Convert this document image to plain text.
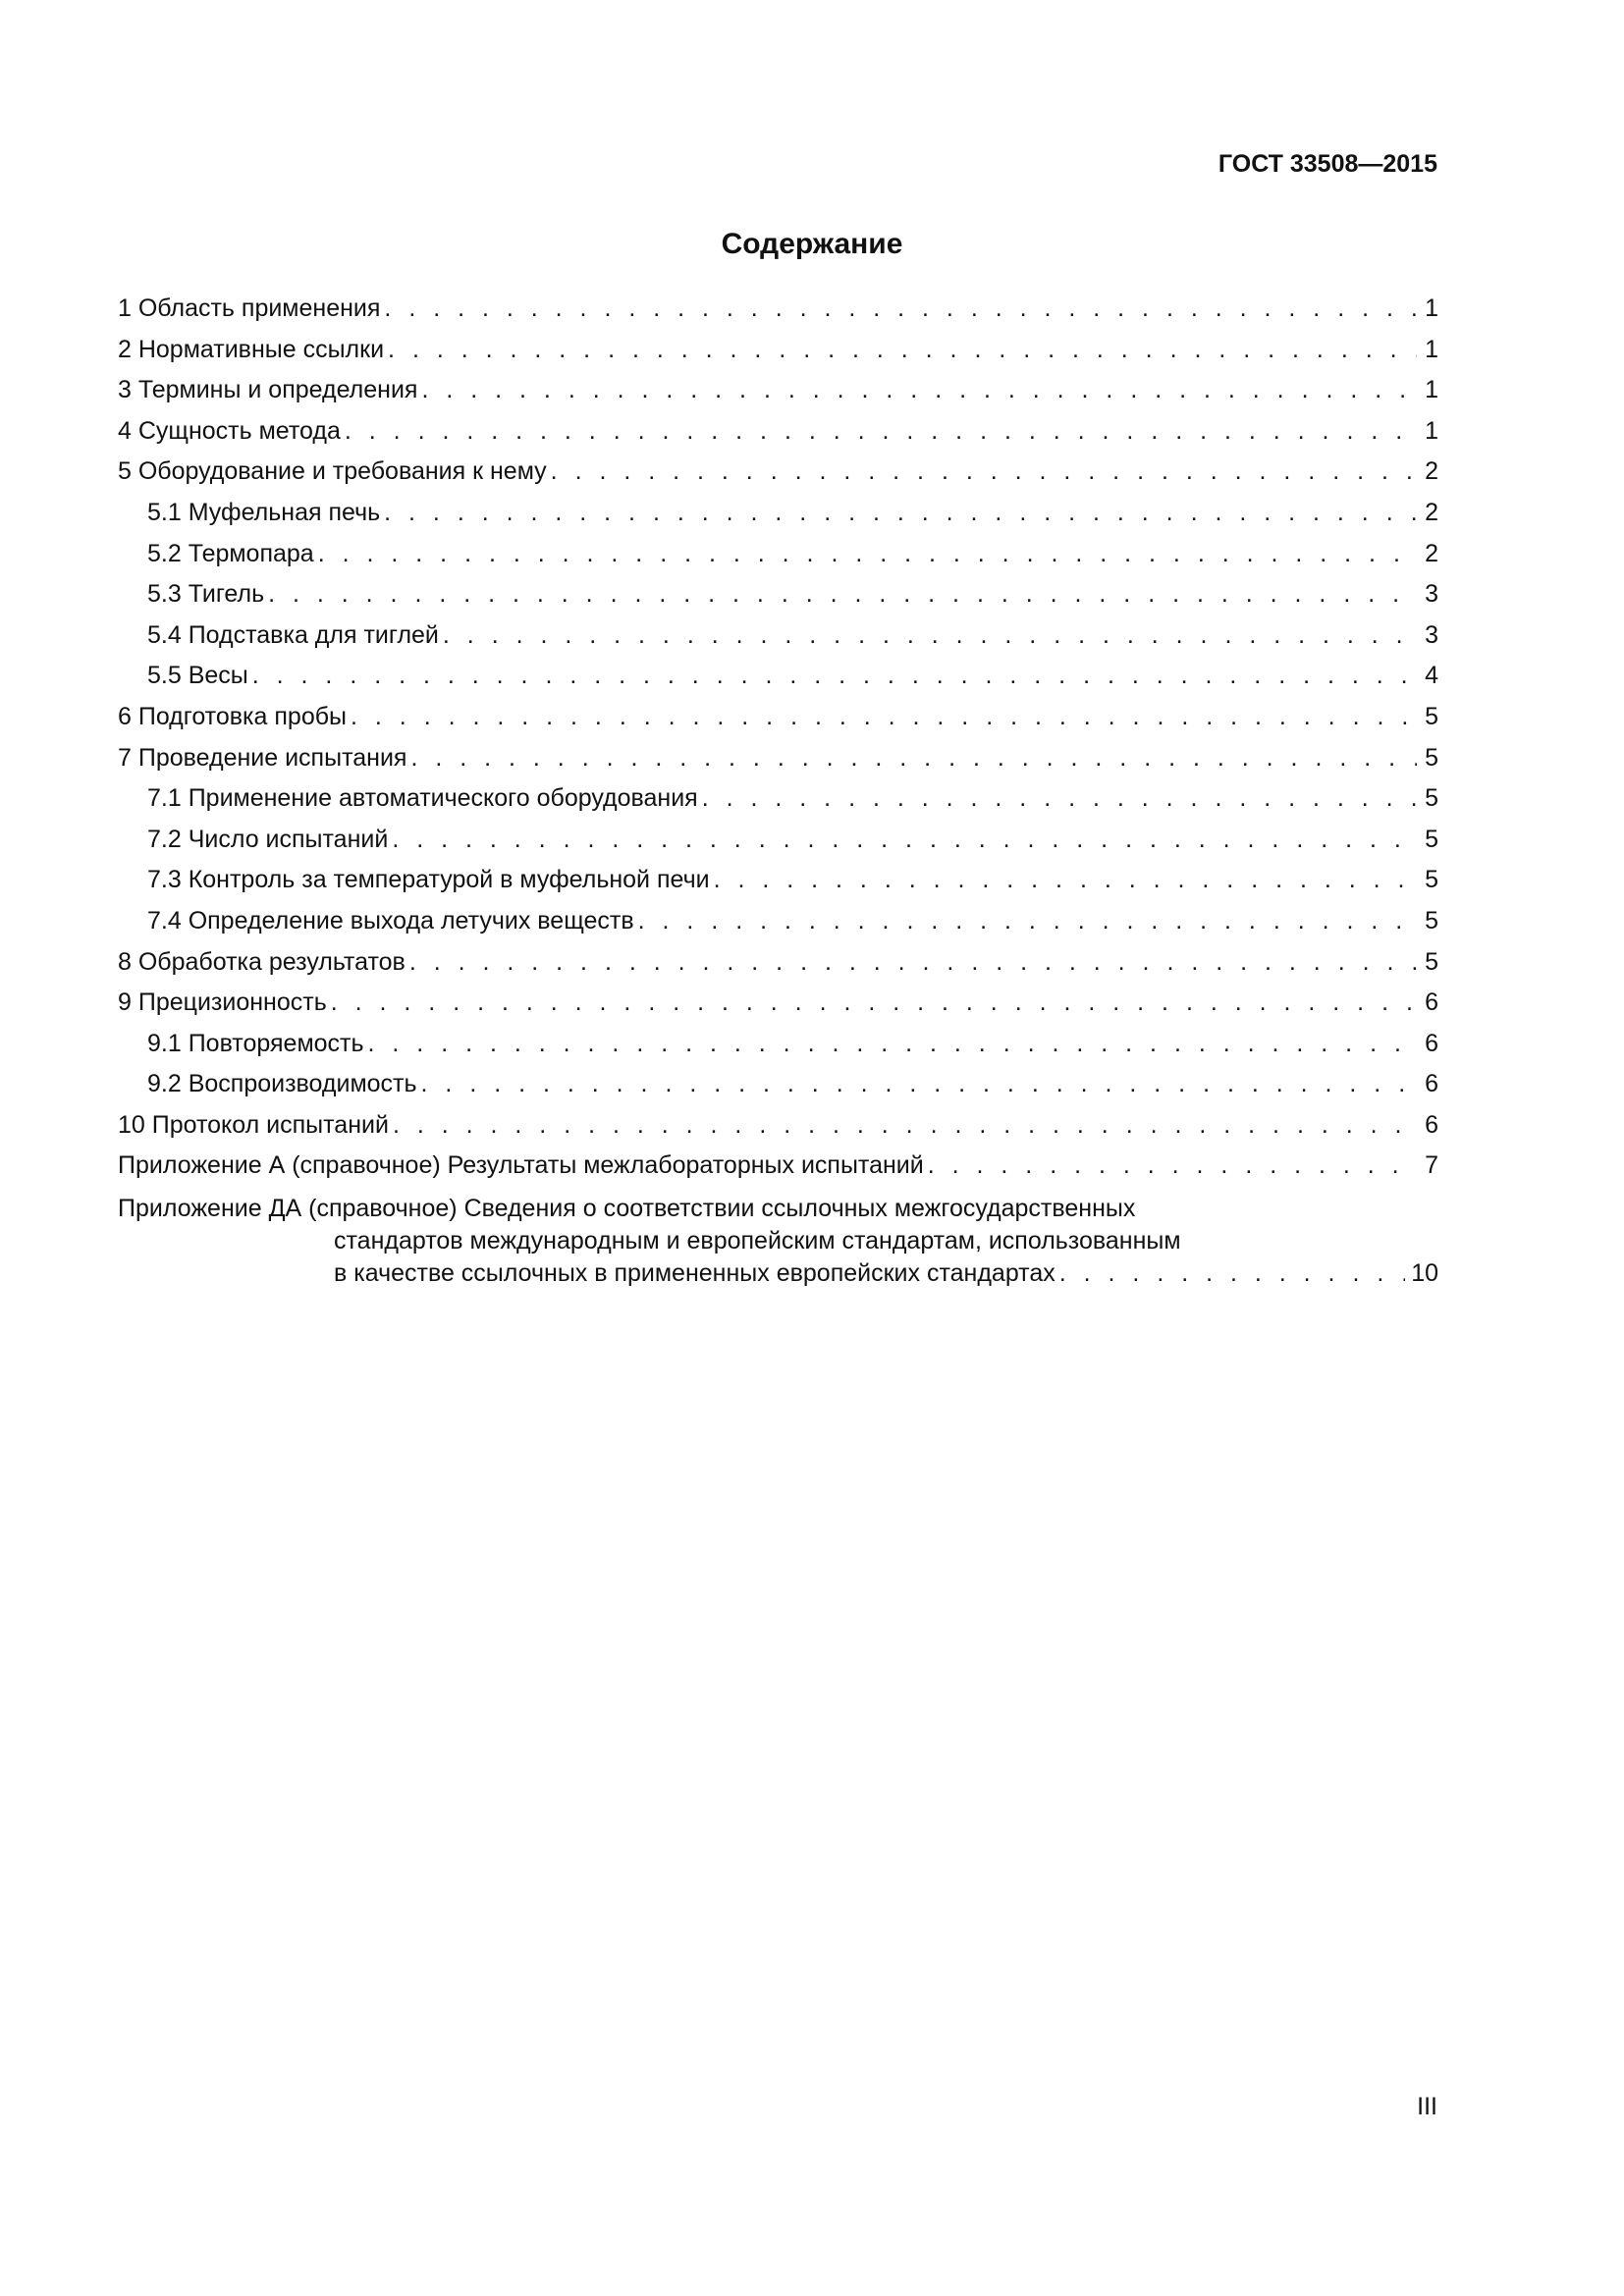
ГОСТ 33508—2015
Содержание
1 Область применения . . .	1
2 Нормативные ссылки . . .	1
3 Термины и определения . . .	1
4 Сущность метода . . .	1
5 Оборудование и требования к нему . . .	2
5.1 Муфельная печь . . .	2
5.2 Термопара . . .	2
5.3 Тигель . . .	3
5.4 Подставка для тиглей . . .	3
5.5 Весы . . .	4
6 Подготовка пробы . . .	5
7 Проведение испытания . . .	5
7.1 Применение автоматического оборудования . . .	5
7.2 Число испытаний . . .	5
7.3 Контроль за температурой в муфельной печи . . .	5
7.4 Определение выхода летучих веществ . . .	5
8 Обработка результатов . . .	5
9 Прецизионность . . .	6
9.1 Повторяемость . . .	6
9.2 Воспроизводимость . . .	6
10 Протокол испытаний . . .	6
Приложение А (справочное) Результаты межлабораторных испытаний . . .	7
Приложение ДА (справочное) Сведения о соответствии ссылочных межгосударственных
стандартов международным и европейским стандартам, использованным
в качестве ссылочных в примененных европейских стандартах . . .	10
III
